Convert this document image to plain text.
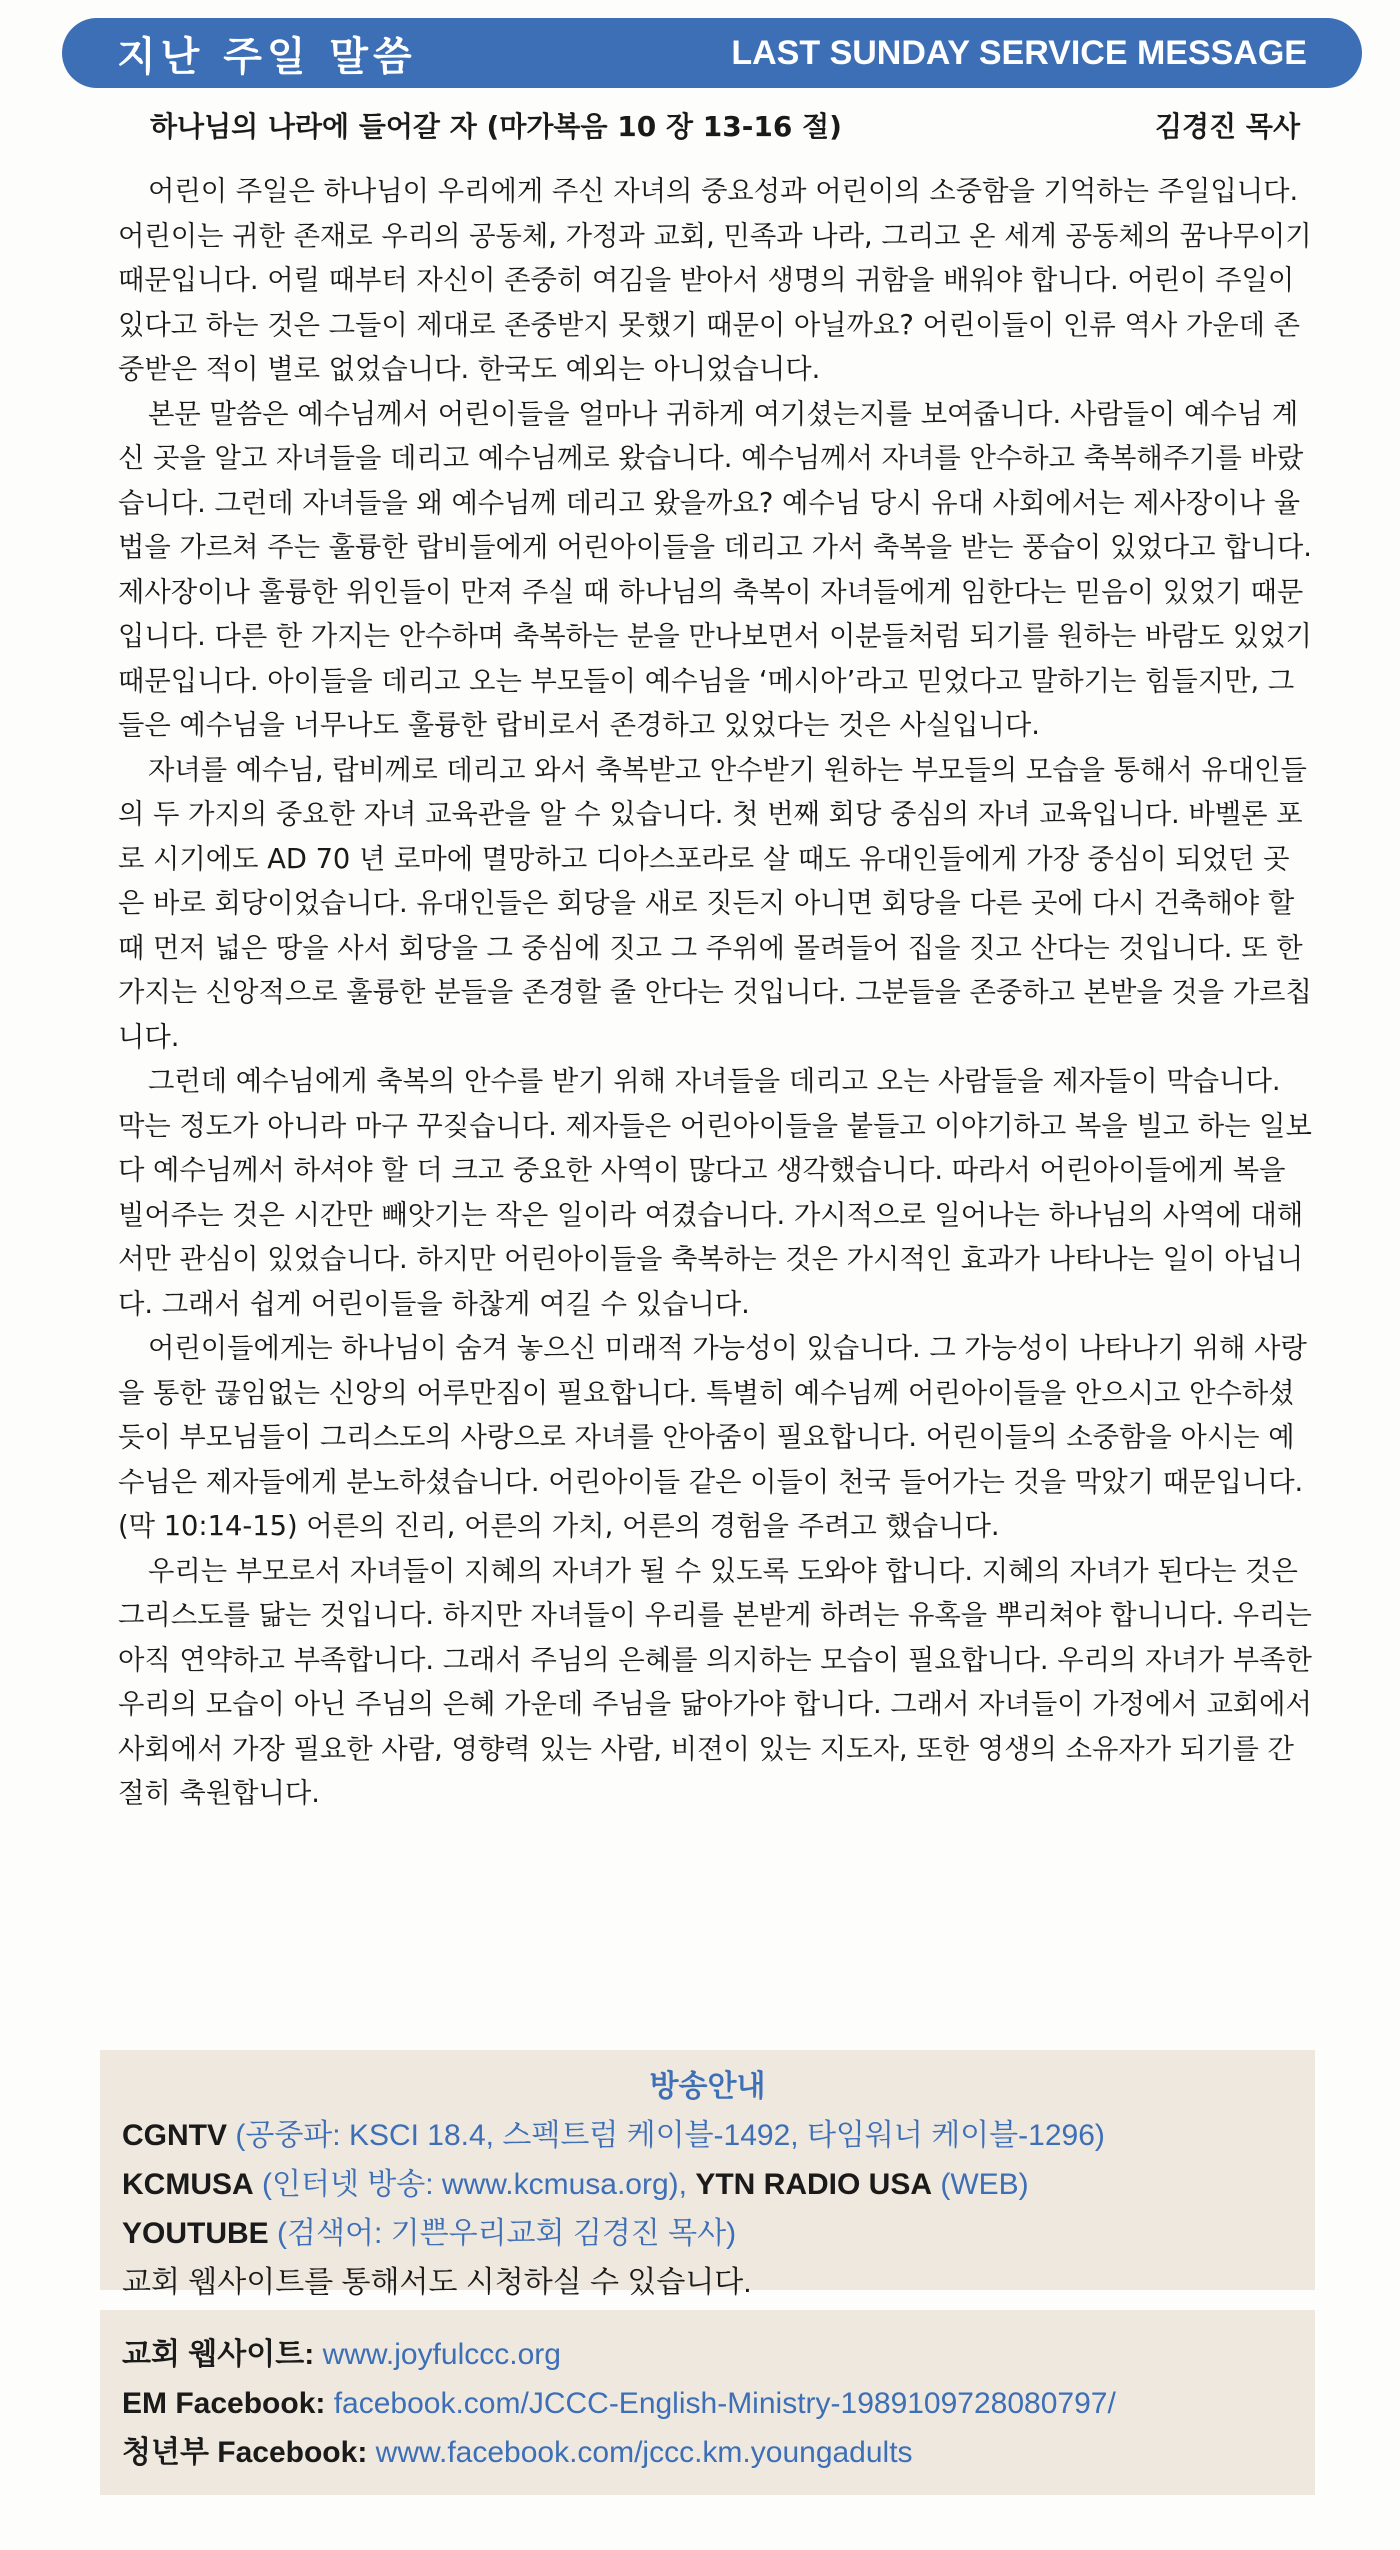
지난 주일 말씀	LAST SUNDAY SERVICE MESSAGE
하나님의 나라에 들어갈 자 (마가복음 10 장 13-16 절)	김경진 목사

어린이 주일은 하나님이 우리에게 주신 자녀의 중요성과 어린이의 소중함을 기억하는 주일입니다. 어린이는 귀한 존재로 우리의 공동체, 가정과 교회, 민족과 나라, 그리고 온 세계 공동체의 꿈나무이기 때문입니다. 어릴 때부터 자신이 존중히 여김을 받아서 생명의 귀함을 배워야 합니다. 어린이 주일이 있다고 하는 것은 그들이 제대로 존중받지 못했기 때문이 아닐까요? 어린이들이 인류 역사 가운데 존중받은 적이 별로 없었습니다. 한국도 예외는 아니었습니다.

본문 말씀은 예수님께서 어린이들을 얼마나 귀하게 여기셨는지를 보여줍니다. 사람들이 예수님 계신 곳을 알고 자녀들을 데리고 예수님께로 왔습니다. 예수님께서 자녀를 안수하고 축복해주기를 바랐습니다. 그런데 자녀들을 왜 예수님께 데리고 왔을까요? 예수님 당시 유대 사회에서는 제사장이나 율법을 가르쳐 주는 훌륭한 랍비들에게 어린아이들을 데리고 가서 축복을 받는 풍습이 있었다고 합니다. 제사장이나 훌륭한 위인들이 만져 주실 때 하나님의 축복이 자녀들에게 임한다는 믿음이 있었기 때문입니다. 다른 한 가지는 안수하며 축복하는 분을 만나보면서 이분들처럼 되기를 원하는 바람도 있었기 때문입니다. 아이들을 데리고 오는 부모들이 예수님을 ‘메시아’라고 믿었다고 말하기는 힘들지만, 그들은 예수님을 너무나도 훌륭한 랍비로서 존경하고 있었다는 것은 사실입니다.

자녀를 예수님, 랍비께로 데리고 와서 축복받고 안수받기 원하는 부모들의 모습을 통해서 유대인들의 두 가지의 중요한 자녀 교육관을 알 수 있습니다. 첫 번째 회당 중심의 자녀 교육입니다. 바벨론 포로 시기에도 AD 70 년 로마에 멸망하고 디아스포라로 살 때도 유대인들에게 가장 중심이 되었던 곳은 바로 회당이었습니다. 유대인들은 회당을 새로 짓든지 아니면 회당을 다른 곳에 다시 건축해야 할 때 먼저 넓은 땅을 사서 회당을 그 중심에 짓고 그 주위에 몰려들어 집을 짓고 산다는 것입니다. 또 한 가지는 신앙적으로 훌륭한 분들을 존경할 줄 안다는 것입니다. 그분들을 존중하고 본받을 것을 가르칩니다.

그런데 예수님에게 축복의 안수를 받기 위해 자녀들을 데리고 오는 사람들을 제자들이 막습니다. 막는 정도가 아니라 마구 꾸짖습니다. 제자들은 어린아이들을 붙들고 이야기하고 복을 빌고 하는 일보다 예수님께서 하셔야 할 더 크고 중요한 사역이 많다고 생각했습니다. 따라서 어린아이들에게 복을 빌어주는 것은 시간만 빼앗기는 작은 일이라 여겼습니다. 가시적으로 일어나는 하나님의 사역에 대해서만 관심이 있었습니다. 하지만 어린아이들을 축복하는 것은 가시적인 효과가 나타나는 일이 아닙니다. 그래서 쉽게 어린이들을 하찮게 여길 수 있습니다.

어린이들에게는 하나님이 숨겨 놓으신 미래적 가능성이 있습니다. 그 가능성이 나타나기 위해 사랑을 통한 끊임없는 신앙의 어루만짐이 필요합니다. 특별히 예수님께 어린아이들을 안으시고 안수하셨듯이 부모님들이 그리스도의 사랑으로 자녀를 안아줌이 필요합니다. 어린이들의 소중함을 아시는 예수님은 제자들에게 분노하셨습니다. 어린아이들 같은 이들이 천국 들어가는 것을 막았기 때문입니다. (막 10:14-15) 어른의 진리, 어른의 가치, 어른의 경험을 주려고 했습니다.

우리는 부모로서 자녀들이 지혜의 자녀가 될 수 있도록 도와야 합니다. 지혜의 자녀가 된다는 것은 그리스도를 닮는 것입니다. 하지만 자녀들이 우리를 본받게 하려는 유혹을 뿌리쳐야 합니니다. 우리는 아직 연약하고 부족합니다. 그래서 주님의 은혜를 의지하는 모습이 필요합니다. 우리의 자녀가 부족한 우리의 모습이 아닌 주님의 은혜 가운데 주님을 닮아가야 합니다. 그래서 자녀들이 가정에서 교회에서 사회에서 가장 필요한 사람, 영향력 있는 사람, 비젼이 있는 지도자, 또한 영생의 소유자가 되기를 간절히 축원합니다.

방송안내
CGNTV (공중파: KSCI 18.4, 스펙트럼 케이블-1492, 타임워너 케이블-1296)
KCMUSA (인터넷 방송: www.kcmusa.org), YTN RADIO USA (WEB)
YOUTUBE (검색어: 기쁜우리교회 김경진 목사)
교회 웹사이트를 통해서도 시청하실 수 있습니다.
교회 웹사이트: www.joyfulccc.org
EM Facebook: facebook.com/JCCC-English-Ministry-1989109728080797/
청년부 Facebook: www.facebook.com/jccc.km.youngadults
